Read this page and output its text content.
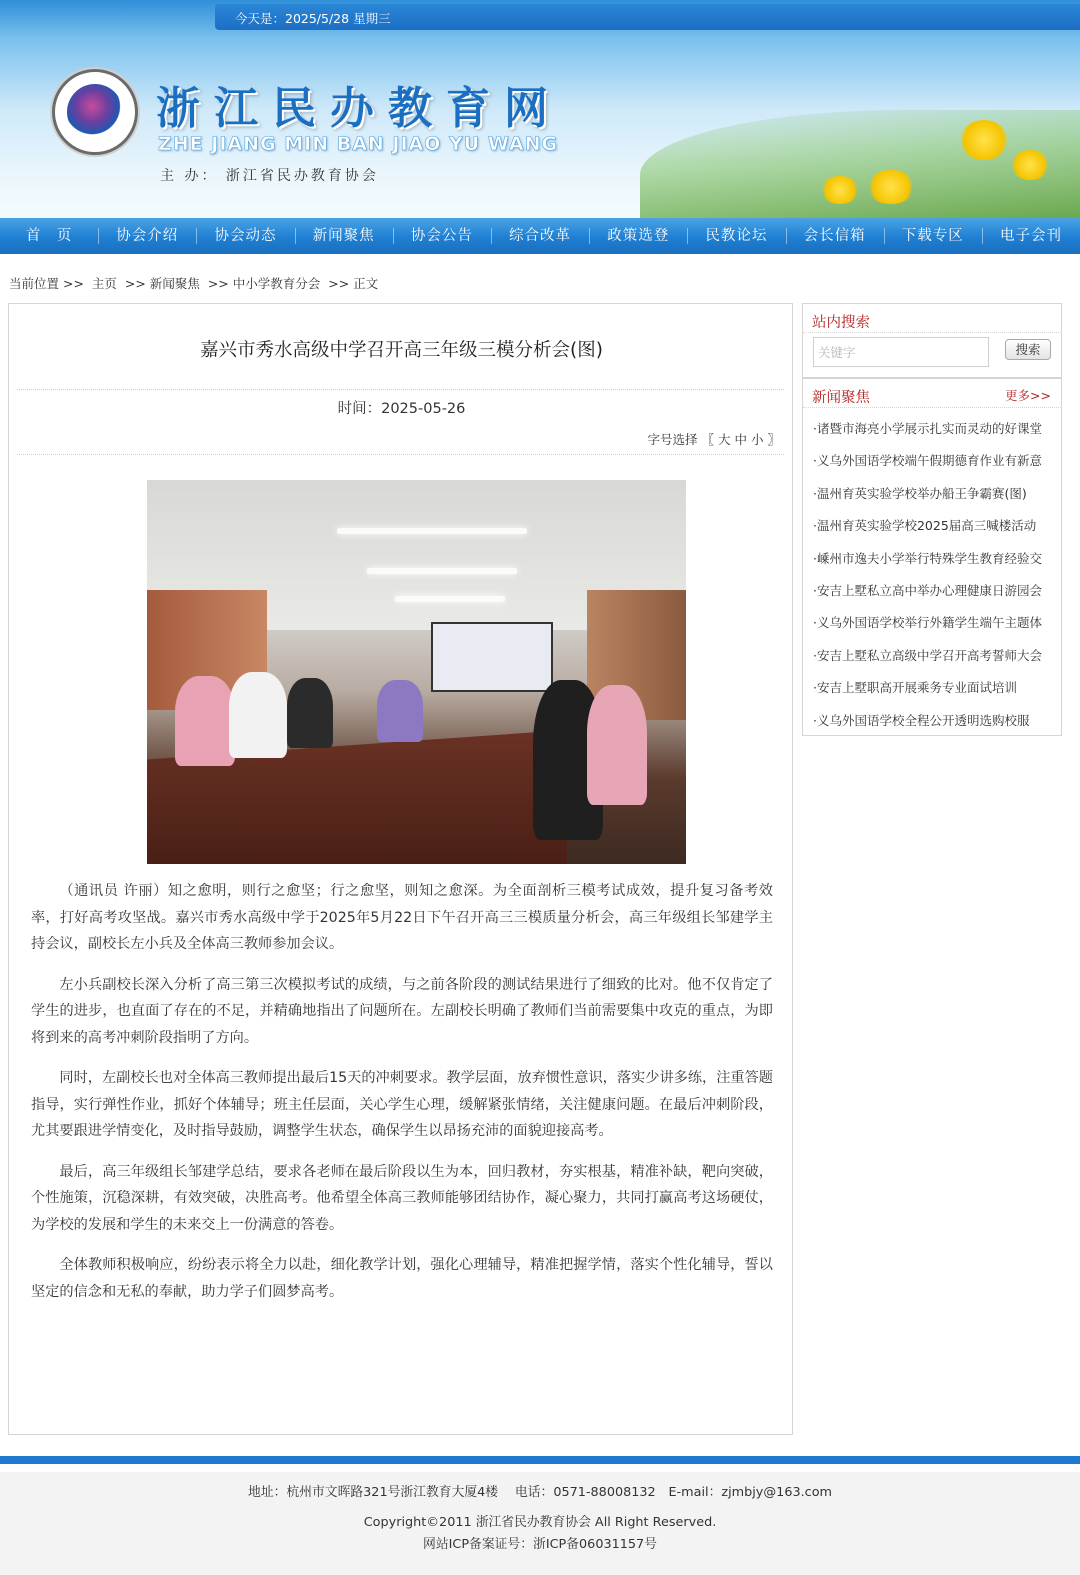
今天是：2025/5/28 星期三
浙江民办教育网
ZHE JIANG MIN BAN JIAO YU WANG
主 办： 浙江省民办教育协会
首　页	协会介绍	协会动态	新闻聚焦	协会公告	综合改革	政策选登	民教论坛	会长信箱	下载专区	电子会刊
当前位置 >> 主页 >> 新闻聚焦 >> 中小学教育分会 >> 正文
嘉兴市秀水高级中学召开高三年级三模分析会(图)
时间：2025-05-26
字号选择 〖 大 中 小 〗

（通讯员 许丽）知之愈明，则行之愈坚；行之愈坚，则知之愈深。为全面剖析三模考试成效，提升复习备考效率，打好高考攻坚战。嘉兴市秀水高级中学于2025年5月22日下午召开高三三模质量分析会，高三年级组长邹建学主持会议，副校长左小兵及全体高三教师参加会议。

左小兵副校长深入分析了高三第三次模拟考试的成绩，与之前各阶段的测试结果进行了细致的比对。他不仅肯定了学生的进步，也直面了存在的不足，并精确地指出了问题所在。左副校长明确了教师们当前需要集中攻克的重点，为即将到来的高考冲刺阶段指明了方向。

同时，左副校长也对全体高三教师提出最后15天的冲刺要求。教学层面，放弃惯性意识，落实少讲多练，注重答题指导，实行弹性作业，抓好个体辅导；班主任层面，关心学生心理，缓解紧张情绪，关注健康问题。在最后冲刺阶段，尤其要跟进学情变化，及时指导鼓励，调整学生状态，确保学生以昂扬充沛的面貌迎接高考。

最后，高三年级组长邹建学总结，要求各老师在最后阶段以生为本，回归教材，夯实根基，精准补缺，靶向突破，个性施策，沉稳深耕，有效突破，决胜高考。他希望全体高三教师能够团结协作，凝心聚力，共同打赢高考这场硬仗，为学校的发展和学生的未来交上一份满意的答卷。

全体教师积极响应，纷纷表示将全力以赴，细化教学计划，强化心理辅导，精准把握学情，落实个性化辅导，誓以坚定的信念和无私的奉献，助力学子们圆梦高考。

站内搜索
关键字
搜索
新闻聚焦	更多>>
·诸暨市海亮小学展示扎实而灵动的好课堂
·义乌外国语学校端午假期德育作业有新意
·温州育英实验学校举办船王争霸赛(图)
·温州育英实验学校2025届高三喊楼活动
·嵊州市逸夫小学举行特殊学生教育经验交
·安吉上墅私立高中举办心理健康日游园会
·义乌外国语学校举行外籍学生端午主题体
·安吉上墅私立高级中学召开高考誓师大会
·安吉上墅职高开展乘务专业面试培训
·义乌外国语学校全程公开透明选购校服
地址：杭州市文晖路321号浙江教育大厦4楼　 电话：0571-88008132　E-mail：zjmbjy@163.com
Copyright©2011 浙江省民办教育协会 All Right Reserved.
网站ICP备案证号：浙ICP备06031157号
